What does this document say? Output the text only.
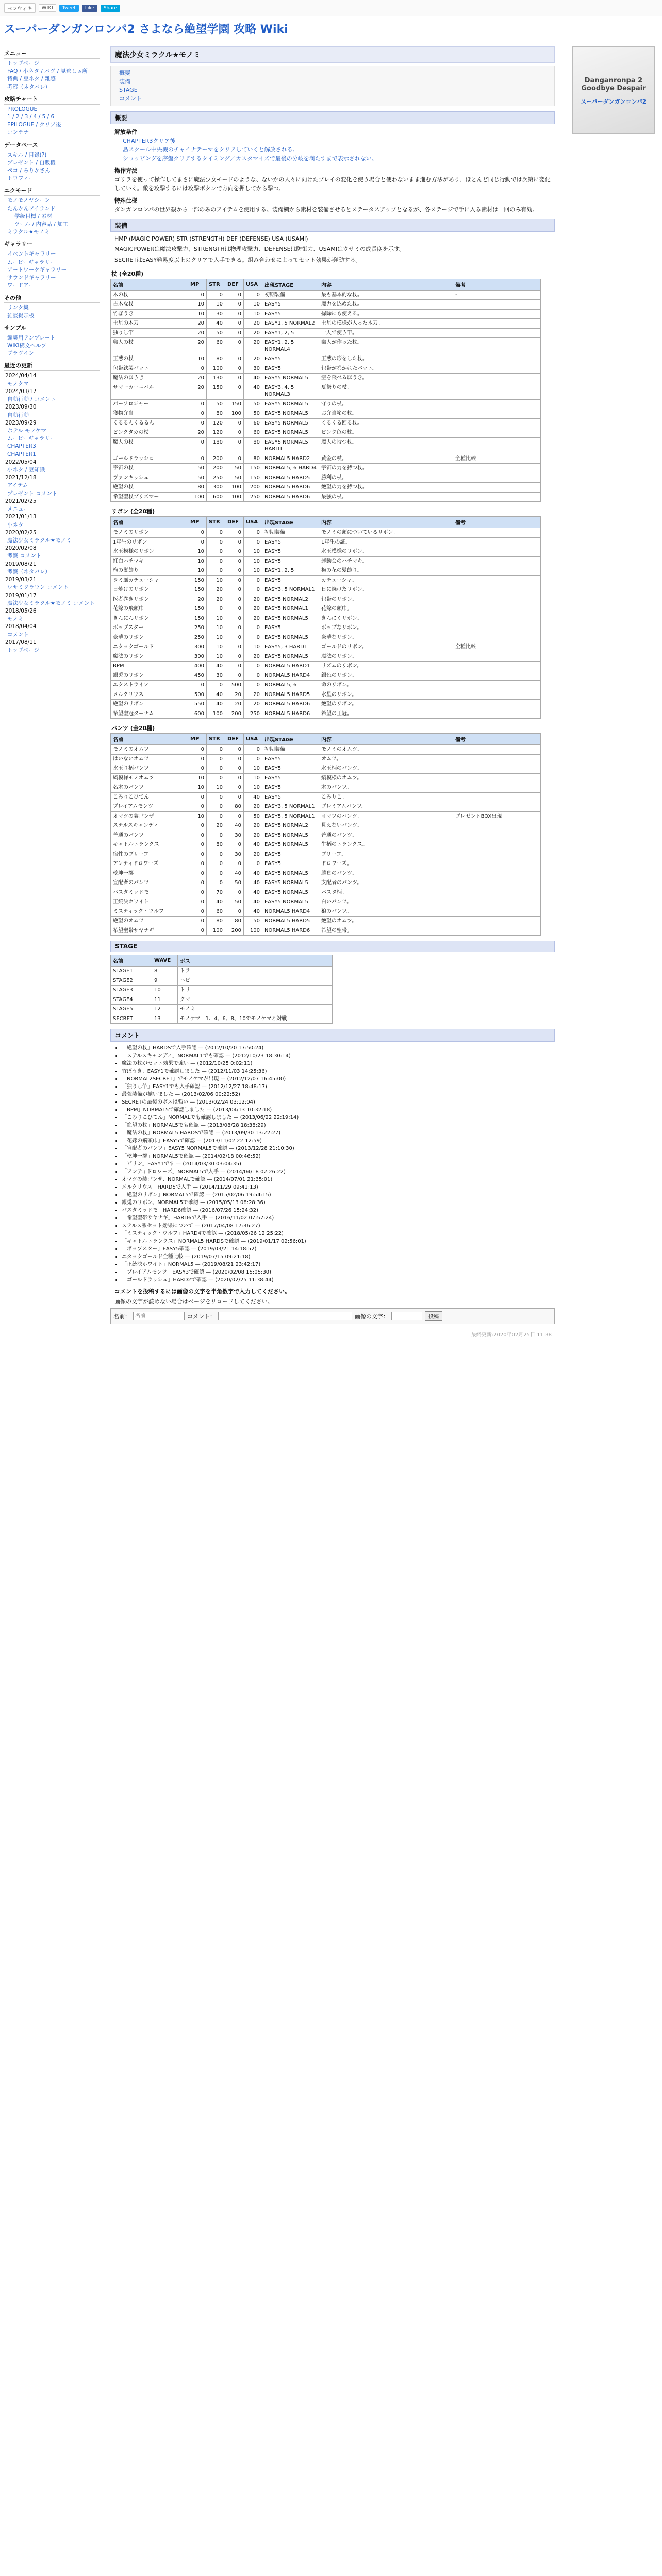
FC2ウィキ	WIKI	Tweet	Like	Share
スーパーダンガンロンパ2 さよなら絶望学園 攻略 Wiki
メニュー
トップページ
FAQ / 小ネタ / バグ / 見逃しヵ所
特典 / 豆ネタ / 雑感
考察（ネタバレ）
攻略チャート
PROLOGUE
1 / 2 / 3 / 4 / 5 / 6
EPILOGUE / クリア後
コンテナ
データベース
スキル / 目録(?)
プレゼント / 自販機
ペコ / みりかさん
トロフィー
エクモード
モノモノヤシーン
たんかんアイランド
学級目標 / 素材
ツール / 内容品 / 加工
ミラクル★モノミ
ギャラリー
イベントギャラリー
ムービーギャラリー
アートワークギャラリー
サウンドギャラリー
ワードアー
その他
リンク集
雑談掲示板
サンプル
編集用テンプレート
WIKI構文ヘルプ
プラグイン
最近の更新
2024/04/14
モノクマ
2024/03/17
自動行動 / コメント
2023/09/30
自動行動
2023/09/29
ホテル モノケマ
ムービーギャラリー
CHAPTER3
CHAPTER1
2022/05/04
小ネタ / 豆知識
2021/12/18
アイテム
プレゼント コメント
2021/02/25
メニュー
2021/01/13
小ネタ
2020/02/25
魔法少女ミラクル★モノミ
2020/02/08
考察 コメント
2019/08/21
考察（ネタバレ）
2019/03/21
ウサミクラウン コメント
2019/01/17
魔法少女ミラクル★モノミ コメント
2018/05/26
モノミ
2018/04/04
コメント
2017/08/11
トップページ
魔法少女ミラクル★モノミ
概要
装備
STAGE
コメント
概要
解放条件
CHAPTER3クリア後
島スクール中央機のチャイナテーマをクリアしていくと解放される。
ショッピングを序盤クリアするタイミング／カスタマイズで最後の分岐を満たすまで表示されない。
操作方法
ゴリラを使って操作してまさに魔法少女モードのような、ないかの人々に向けたプレイの変化を使う場合と使わないまま進む方法があり、ほとんど同じ行動では次第に変化していく。敵を攻撃するには攻撃ボタンで方向を押してから撃つ。
特殊仕様
ダンガンロンパの世界観から一部のみのアイテムを使用する。装備欄から素材を装備させるとステータスアップとなるが、各ステージで手に入る素材は一回のみ有効。
装備
HMP (MAGIC POWER) STR (STRENGTH) DEF (DEFENSE) USA (USAMI)
MAGICPOWERは魔法攻撃力、STRENGTHは物理攻撃力、DEFENSEは防御力、USAMIはウサミの成長度を示す。
SECRETはEASY難易度以上のクリアで入手できる。組み合わせによってセット効果が発動する。
杖 (全20種)
名前	MP	STR	DEF	USA	出現STAGE	内容	備考
木の杖	0	0	0	0	初期装備	最も基本的な杖。	-
古木な杖	10	10	0	10	EASY5	魔力を込めた杖。	
竹ぼうき	10	30	0	10	EASY5	掃除にも使える。	
土星の木刀	20	40	0	20	EASY1, 5 NORMAL2	土星の模様が入った木刀。	
独りし竿	20	50	0	20	EASY1, 2, 5	一人で使う竿。	
職人の杖	20	60	0	20	EASY1, 2, 5 NORMAL4	職人が作った杖。	
玉葱の杖	10	80	0	20	EASY5	玉葱の形をした杖。	
包帯鉄製バット	0	100	0	30	EASY5	包帯が巻かれたバット。	
魔法のほうき	20	130	0	40	EASY5 NORMAL5	空を飛べるほうき。	
サマーカーニバル	20	150	0	40	EASY3, 4, 5 NORMAL3	夏祭りの杖。	
パーソロジャー	0	50	150	50	EASY5 NORMAL5	守りの杖。	
獲物弁当	0	80	100	50	EASY5 NORMAL5	お弁当箱の杖。	
くるるんくるるん	0	120	0	60	EASY5 NORMAL5	くるくる回る杖。	
ピンクタカの杖	20	120	0	60	EASY5 NORMAL5	ピンク色の杖。	
魔人の杖	0	180	0	80	EASY5 NORMAL5 HARD1	魔人の持つ杖。	
ゴールドラッシュ	0	200	0	80	NORMAL5 HARD2	黄金の杖。	全種比較
宇宙の杖	50	200	50	150	NORMAL5, 6 HARD4	宇宙の力を持つ杖。	
ヴァンキッシュ	50	250	50	150	NORMAL5 HARD5	勝利の杖。	
絶望の杖	80	300	100	200	NORMAL5 HARD6	絶望の力を持つ杖。	
希望聖杖プリズマー	100	600	100	250	NORMAL5 HARD6	最強の杖。	
リボン (全20種)
名前	MP	STR	DEF	USA	出現STAGE	内容	備考
モノミのリボン	0	0	0	0	初期装備	モノミの頭についているリボン。	
1年生のリボン	0	0	0	0	EASY5	1年生の証。	
水玉模様のリボン	10	0	0	10	EASY5	水玉模様のリボン。	
紅白ハチマキ	10	0	0	10	EASY5	運動会のハチマキ。	
梅の髪飾り	10	0	0	10	EASY1, 2, 5	梅の花の髪飾り。	
ラミ風カチューシャ	150	10	0	0	EASY5	カチューシャ。	
日焼けのリボン	150	20	0	0	EASY3, 5 NORMAL1	日に焼けたリボン。	
医者巻きリボン	20	20	0	20	EASY5 NORMAL2	包帯のリボン。	
花嫁の飛頭巾	150	0	0	20	EASY5 NORMAL1	花嫁の頭巾。	
きんにんリボン	150	10	0	20	EASY5 NORMAL5	きんにくリボン。	
ポップスター	250	10	0	0	EASY5	ポップなリボン。	
豪華のリボン	250	10	0	0	EASY5 NORMAL5	豪華なリボン。	
ニタックゴールド	300	10	0	10	EASY5, 3 HARD1	ゴールドのリボン。	全種比較
魔法のリボン	300	10	0	20	EASY5 NORMAL5	魔法のリボン。	
BPM	400	40	0	0	NORMAL5 HARD1	リズムのリボン。	
銀兎のリボン	450	30	0	0	NORMAL5 HARD4	銀色のリボン。	
エクストライフ	0	0	500	0	NORMAL5, 6	命のリボン。	
メルクリウス	500	40	20	20	NORMAL5 HARD5	水星のリボン。	
絶望のリボン	550	40	20	20	NORMAL5 HARD6	絶望のリボン。	
希望聖冠ターナム	600	100	200	250	NORMAL5 HARD6	希望の王冠。	
パンツ (全20種)
名前	MP	STR	DEF	USA	出現STAGE	内容	備考
モノミのオムツ	0	0	0	0	初期装備	モノミのオムツ。	
ぱいないオムツ	0	0	0	0	EASY5	オムツ。	
水玉り柄パンツ	0	0	0	10	EASY5	水玉柄のパンツ。	
縞模様モノオムツ	10	0	0	10	EASY5	縞模様のオムツ。	
名木のパンツ	10	10	0	10	EASY5	木のパンツ。	
こみりこひてん	0	0	0	40	EASY5	こみりこ。	
プレイアムモンツ	0	0	80	20	EASY3, 5 NORMAL1	プレミアムパンツ。	
オマツの装ゴンザ	10	0	0	50	EASY5, 5 NORMAL1	オマツのパンツ。	プレゼントBOX出現
ステルスキャンディ	0	20	40	20	EASY5 NORMAL2	見えないパンツ。	
普通のパンツ	0	0	30	20	EASY5 NORMAL5	普通のパンツ。	
キャトルトランクス	0	80	0	40	EASY5 NORMAL5	牛柄のトランクス。	
宿性のブリーフ	0	0	30	20	EASY5	ブリーフ。	
アンティドロワーズ	0	0	0	0	EASY5	ドロワーズ。	
乾坤一擲	0	0	40	40	EASY5 NORMAL5	勝負のパンツ。	
宣配者のパンツ	0	0	50	40	EASY5 NORMAL5	支配者のパンツ。	
パスタミッドモ	0	70	0	40	EASY5 NORMAL5	パスタ柄。	
正統決ホワイト	0	40	50	40	EASY5 NORMAL5	白いパンツ。	
ミスティック・ウルフ	0	60	0	40	NORMAL5 HARD4	狼のパンツ。	
絶望のオムツ	0	80	80	50	NORMAL5 HARD5	絶望のオムツ。	
希望聖帯サヤナギ	0	100	200	100	NORMAL5 HARD6	希望の聖帯。	
STAGE
名前	WAVE	ボス
STAGE1	8	トラ
STAGE2	9	ヘビ
STAGE3	10	トリ
STAGE4	11	クマ
STAGE5	12	モノミ
SECRET	13	モノケマ　1、4、6、8、10でモノケマと対戦
コメント
• 「絶望の杖」HARDSで入手確認 — (2012/10/20 17:50:24)
• 「ステルスキャンディ」NORMAL1でも確認 — (2012/10/23 18:30:14)
• 魔法の杖がセット効果で強い — (2012/10/25 0:02:11)
• 竹ぼうき、EASY1で確認しました — (2012/11/03 14:25:36)
• 「NORMAL2SECRET」でモノケマが出現 — (2012/12/07 16:45:00)
• 「独りし竿」EASY1でも入手確認 — (2012/12/27 18:48:17)
• 最強装備が揃いました — (2013/02/06 00:22:52)
• SECRETの最後のボスは強い — (2013/02/24 03:12:04)
• 「BPM」NORMAL5で確認しました — (2013/04/13 10:32:18)
• 「こみりこひてん」NORMALでも確認しました — (2013/06/22 22:19:14)
• 「絶望の杖」NORMAL5でも確認 — (2013/08/28 18:38:29)
• 「魔法の杖」NORMAL5 HARDSで確認 — (2013/09/30 13:22:27)
• 「花嫁の飛頭巾」EASY5で確認 — (2013/11/02 22:12:59)
• 「宣配者のパンツ」EASY5 NORMAL5で確認 — (2013/12/28 21:10:30)
• 「乾坤一擲」NORMAL5で確認 — (2014/02/18 00:46:52)
• 「ピリン」EASY1です — (2014/03/30 03:04:35)
• 「アンティドロワーズ」NORMAL5で入手 — (2014/04/18 02:26:22)
• オマツの装ゴンザ、NORMALで確認 — (2014/07/01 21:35:01)
• メルクリウス　HARD5で入手 — (2014/11/29 09:41:13)
• 「絶望のリボン」NORMAL5で確認 — (2015/02/06 19:54:15)
• 銀兎のリボン、NORMAL5で確認 — (2015/05/13 08:28:36)
• パスタミッドモ　HARD6確認 — (2016/07/26 15:24:32)
• 「希望聖帯サヤナギ」HARD6で入手 — (2016/11/02 07:57:24)
• ステルス系セット効果について — (2017/04/08 17:36:27)
• 「ミスティック・ウルフ」HARD4で確認 — (2018/05/26 12:25:22)
• 「キャトルトランクス」NORMAL5 HARDSで確認 — (2019/01/17 02:56:01)
• 「ポップスター」EASY5確認 — (2019/03/21 14:18:52)
• ニタックゴールド全種比較 — (2019/07/15 09:21:18)
• 「正統決ホワイト」NORMAL5 — (2019/08/21 23:42:17)
• 「プレイアムモンツ」EASY3で確認 — (2020/02/08 15:05:30)
• 「ゴールドラッシュ」HARD2で確認 — (2020/02/25 11:38:44)
コメントを投稿するには画像の文字を半角数字で入力してください。
画像の文字が読めない場合はページをリロードしてください。
名前：
名前	コメント：	画像の文字：	投稿
最終更新:2020年02月25日 11:38
Danganronpa 2 Goodbye Despair
スーパーダンガンロンパ2
